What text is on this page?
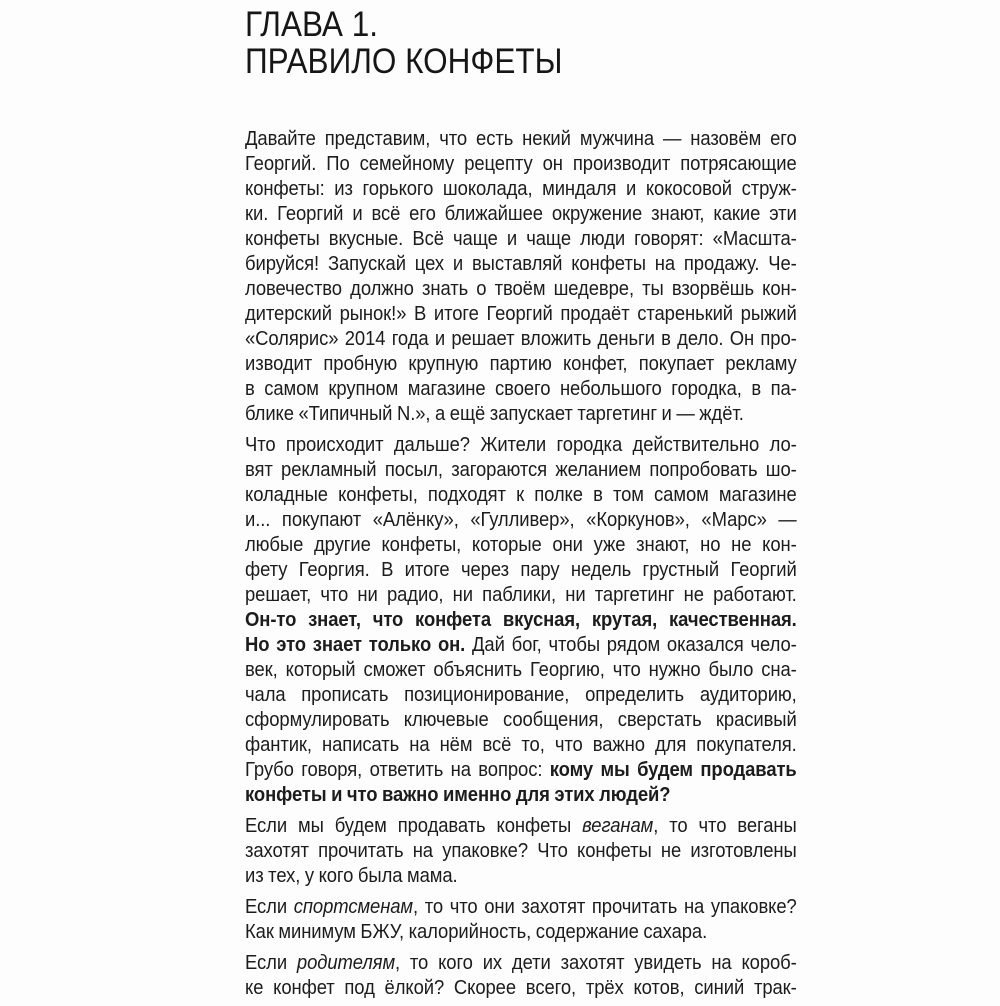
ГЛАВА 1.
ПРАВИЛО КОНФЕТЫ
Давайте представим, что есть некий мужчина — назовём его
Георгий. По семейному рецепту он производит потрясающие
конфеты: из горького шоколада, миндаля и кокосовой струж-
ки. Георгий и всё его ближайшее окружение знают, какие эти
конфеты вкусные. Всё чаще и чаще люди говорят: «Масшта-
бируйся! Запускай цех и выставляй конфеты на продажу. Че-
ловечество должно знать о твоём шедевре, ты взорвёшь кон-
дитерский рынок!» В итоге Георгий продаёт старенький рыжий
«Солярис» 2014 года и решает вложить деньги в дело. Он про-
изводит пробную крупную партию конфет, покупает рекламу
в самом крупном магазине своего небольшого городка, в па-
блике «Типичный N.», а ещё запускает таргетинг и — ждёт.
Что происходит дальше? Жители городка действительно ло-
вят рекламный посыл, загораются желанием попробовать шо-
коладные конфеты, подходят к полке в том самом магазине
и... покупают «Алёнку», «Гулливер», «Коркунов», «Марс» —
любые другие конфеты, которые они уже знают, но не кон-
фету Георгия. В итоге через пару недель грустный Георгий
решает, что ни радио, ни паблики, ни таргетинг не работают.
Он-то знает, что конфета вкусная, крутая, качественная.
Но это знает только он. Дай бог, чтобы рядом оказался чело-
век, который сможет объяснить Георгию, что нужно было сна-
чала прописать позиционирование, определить аудиторию,
сформулировать ключевые сообщения, сверстать красивый
фантик, написать на нём всё то, что важно для покупателя.
Грубо говоря, ответить на вопрос: кому мы будем продавать
конфеты и что важно именно для этих людей?
Если мы будем продавать конфеты веганам, то что веганы
захотят прочитать на упаковке? Что конфеты не изготовлены
из тех, у кого была мама.
Если спортсменам, то что они захотят прочитать на упаковке?
Как минимум БЖУ, калорийность, содержание сахара.
Если родителям, то кого их дети захотят увидеть на короб-
ке конфет под ёлкой? Скорее всего, трёх котов, синий трак-
